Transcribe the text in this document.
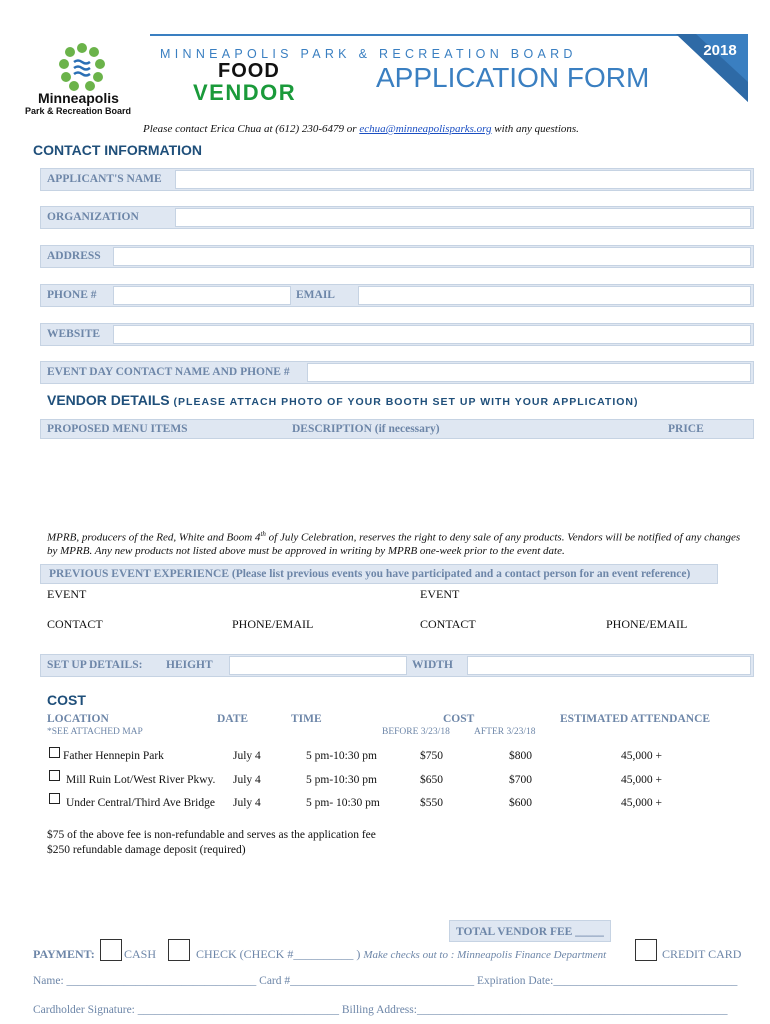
Minneapolis
Park & Recreation Board
2018
MINNEAPOLIS PARK & RECREATION BOARD
FOOD
VENDOR	APPLICATION FORM
Please contact Erica Chua at (612) 230-6479 or echua@minneapolisparks.org with any questions.
CONTACT INFORMATION
APPLICANT'S NAME
ORGANIZATION
ADDRESS
PHONE #	EMAIL
WEBSITE
EVENT DAY CONTACT NAME AND PHONE #
VENDOR DETAILS (PLEASE ATTACH PHOTO OF YOUR BOOTH SET UP WITH YOUR APPLICATION)
PROPOSED MENU ITEMS	DESCRIPTION (if necessary)	PRICE
MPRB, producers of the Red, White and Boom 4th of July Celebration, reserves the right to deny sale of any products. Vendors will be notified of any changes by MPRB. Any new products not listed above must be approved in writing by MPRB one-week prior to the event date.
PREVIOUS EVENT EXPERIENCE (Please list previous events you have participated and a contact person for an event reference)
EVENT	EVENT
CONTACT	PHONE/EMAIL	CONTACT	PHONE/EMAIL
SET UP DETAILS: HEIGHT	WIDTH
COST
LOCATION
*SEE ATTACHED MAP
DATE	TIME	COST
BEFORE 3/23/18	AFTER 3/23/18
ESTIMATED ATTENDANCE
Father Hennepin Park	July 4	5 pm-10:30 pm	$750	$800	45,000 +
Mill Ruin Lot/West River Pkwy. July 4	5 pm-10:30 pm	$650	$700	45,000 +
Under Central/Third Ave Bridge July 4	5 pm- 10:30 pm	$550	$600	45,000 +
$75 of the above fee is non-refundable and serves as the application fee
$250 refundable damage deposit (required)
TOTAL VENDOR FEE _____
PAYMENT: CASH	CHECK (CHECK #__________ ) Make checks out to : Minneapolis Finance Department	CREDIT CARD
Name: _________________________________ Card #________________________________ Expiration Date:________________________________
Cardholder Signature: ___________________________________ Billing Address:______________________________________________________
